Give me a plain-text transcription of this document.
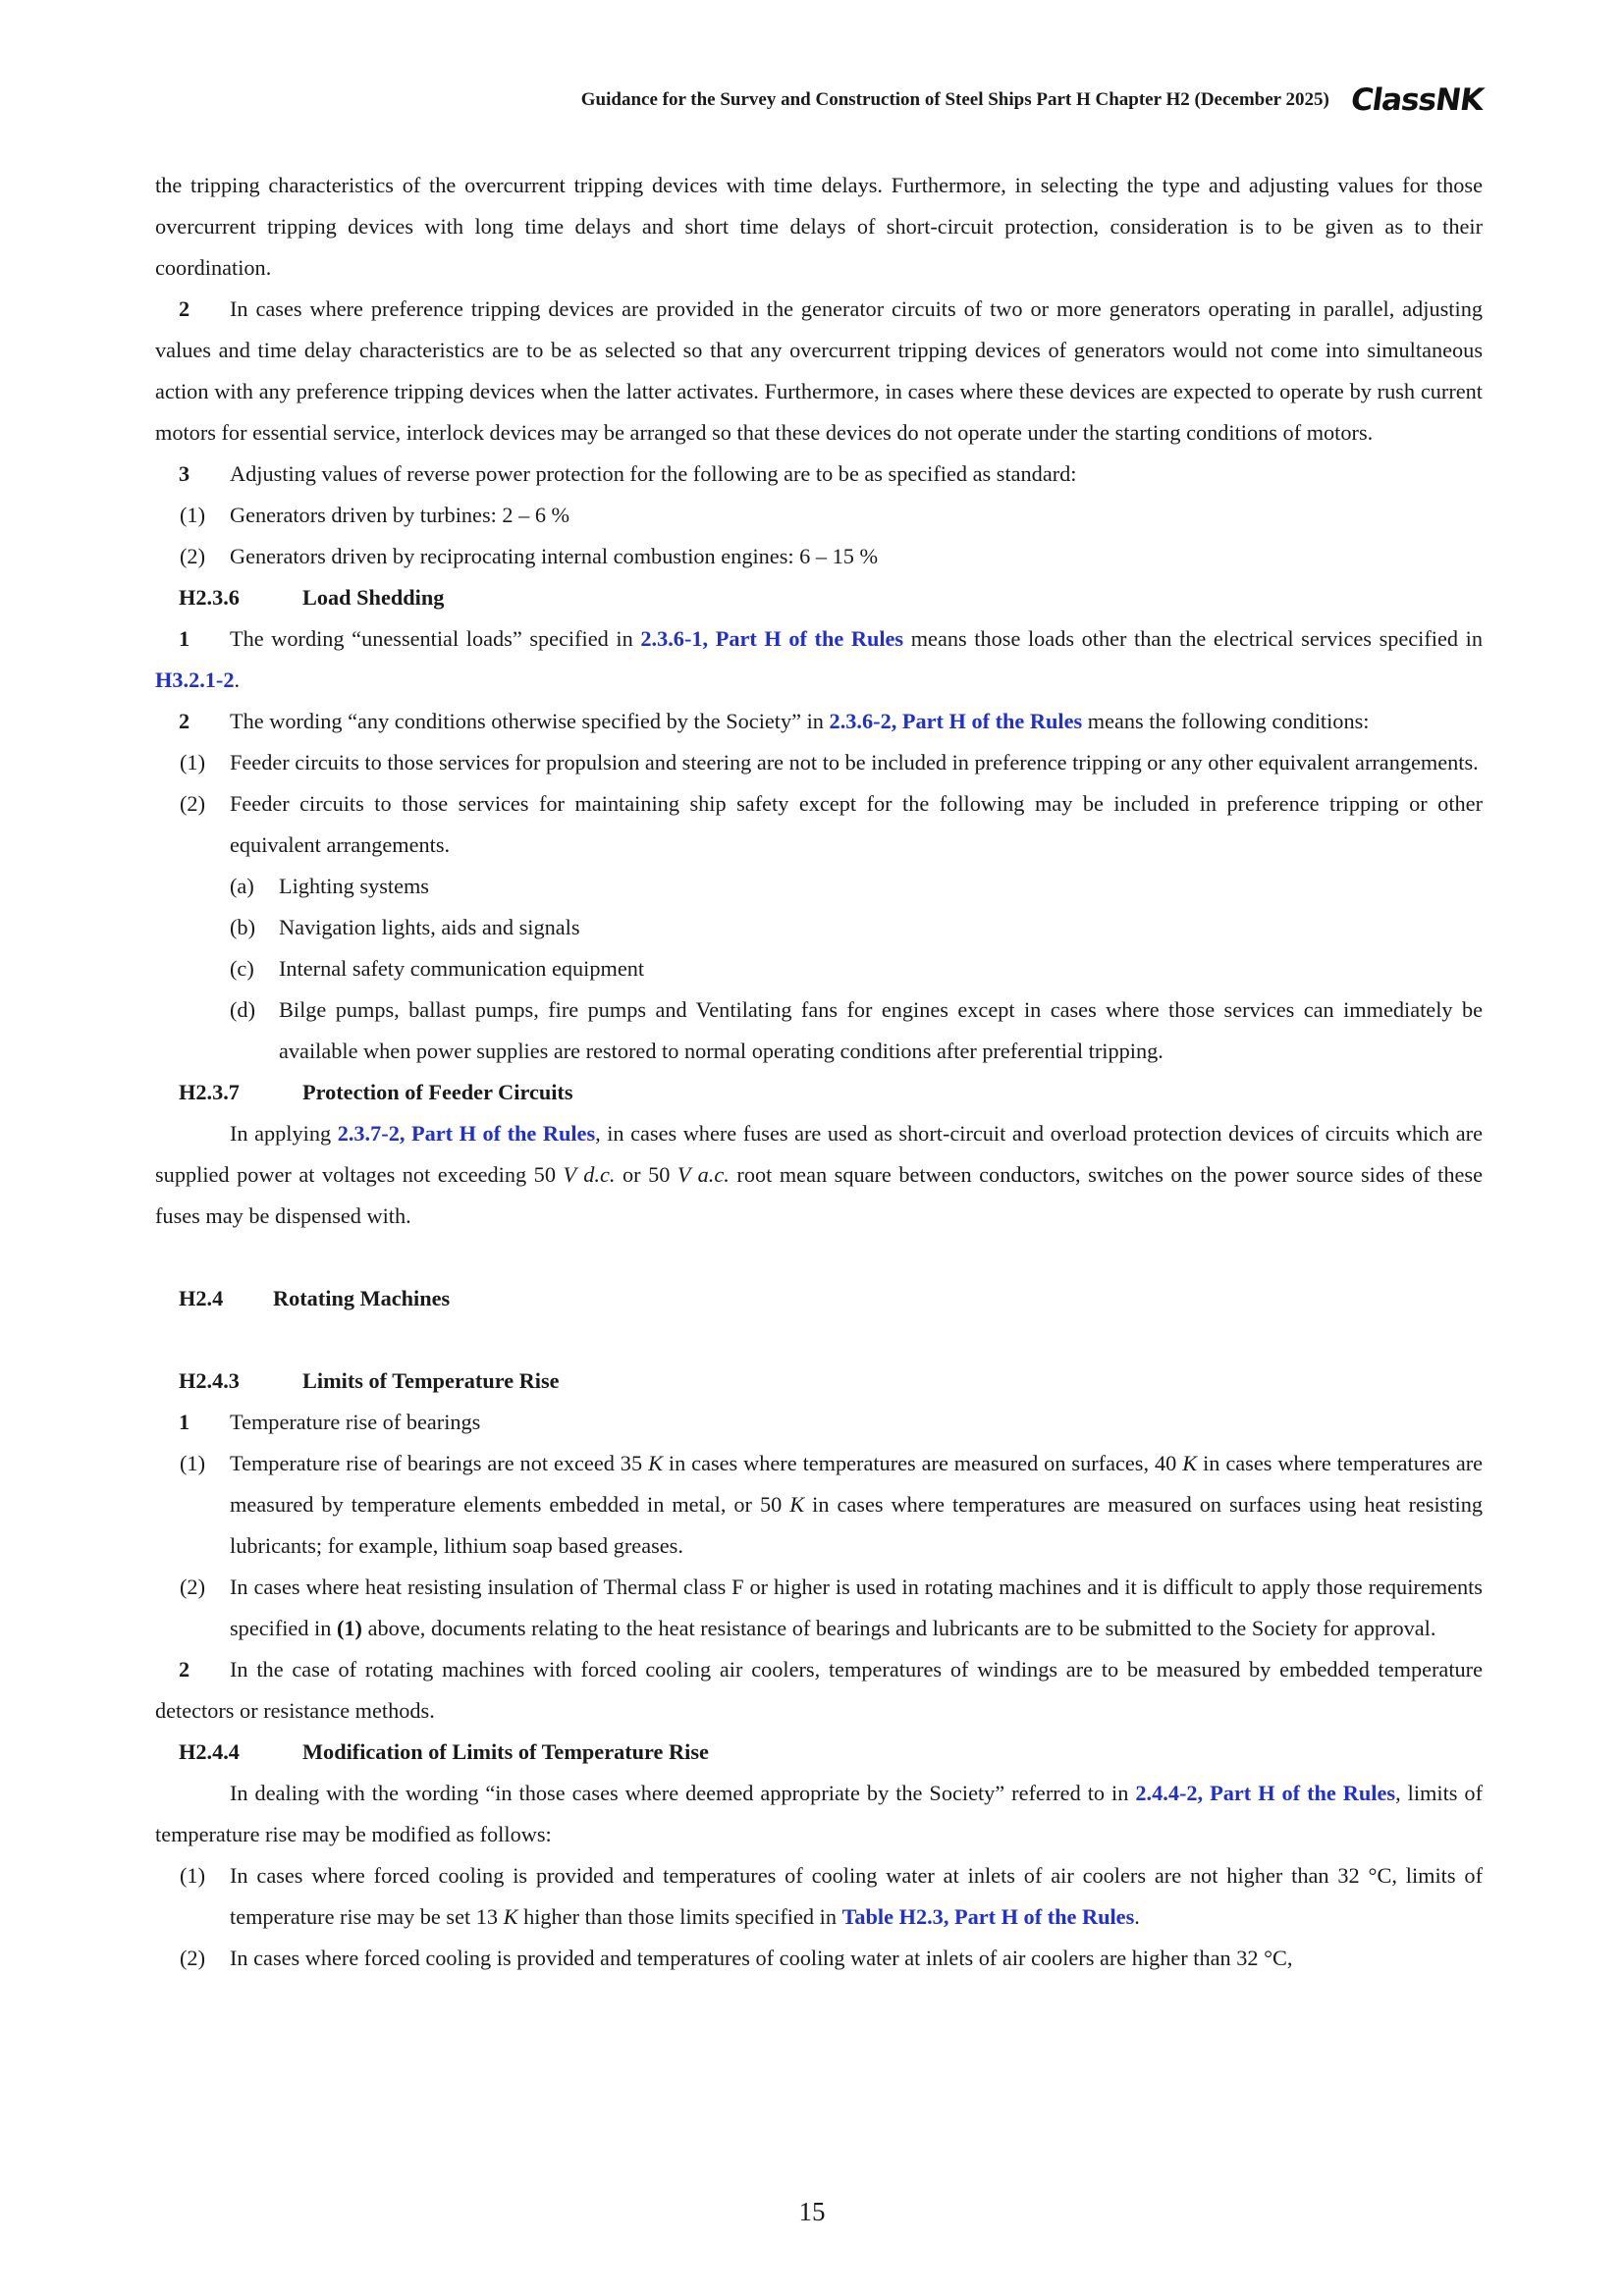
Guidance for the Survey and Construction of Steel Ships Part H Chapter H2 (December 2025) ClassNK

the tripping characteristics of the overcurrent tripping devices with time delays. Furthermore, in selecting the type and adjusting values for those overcurrent tripping devices with long time delays and short time delays of short-circuit protection, consideration is to be given as to their coordination.

2 In cases where preference tripping devices are provided in the generator circuits of two or more generators operating in parallel, adjusting values and time delay characteristics are to be as selected so that any overcurrent tripping devices of generators would not come into simultaneous action with any preference tripping devices when the latter activates. Furthermore, in cases where these devices are expected to operate by rush current motors for essential service, interlock devices may be arranged so that these devices do not operate under the starting conditions of motors.

3 Adjusting values of reverse power protection for the following are to be as specified as standard:

(1)	Generators driven by turbines: 2 – 6 %
(2)	Generators driven by reciprocating internal combustion engines: 6 – 15 %
H2.3.6	Load Shedding

1 The wording “unessential loads” specified in 2.3.6-1, Part H of the Rules means those loads other than the electrical services specified in H3.2.1-2.

2 The wording “any conditions otherwise specified by the Society” in 2.3.6-2, Part H of the Rules means the following conditions:

(1)	Feeder circuits to those services for propulsion and steering are not to be included in preference tripping or any other equivalent arrangements.
(2)	Feeder circuits to those services for maintaining ship safety except for the following may be included in preference tripping or other equivalent arrangements.
(a)	Lighting systems
(b)	Navigation lights, aids and signals
(c)	Internal safety communication equipment
(d)	Bilge pumps, ballast pumps, fire pumps and Ventilating fans for engines except in cases where those services can immediately be available when power supplies are restored to normal operating conditions after preferential tripping.
H2.3.7	Protection of Feeder Circuits

In applying 2.3.7-2, Part H of the Rules, in cases where fuses are used as short-circuit and overload protection devices of circuits which are supplied power at voltages not exceeding 50 V d.c. or 50 V a.c. root mean square between conductors, switches on the power source sides of these fuses may be dispensed with.

H2.4	Rotating Machines
H2.4.3	Limits of Temperature Rise

1 Temperature rise of bearings

(1)	Temperature rise of bearings are not exceed 35 K in cases where temperatures are measured on surfaces, 40 K in cases where temperatures are measured by temperature elements embedded in metal, or 50 K in cases where temperatures are measured on surfaces using heat resisting lubricants; for example, lithium soap based greases.
(2)	In cases where heat resisting insulation of Thermal class F or higher is used in rotating machines and it is difficult to apply those requirements specified in (1) above, documents relating to the heat resistance of bearings and lubricants are to be submitted to the Society for approval.

2 In the case of rotating machines with forced cooling air coolers, temperatures of windings are to be measured by embedded temperature detectors or resistance methods.

H2.4.4	Modification of Limits of Temperature Rise

In dealing with the wording “in those cases where deemed appropriate by the Society” referred to in 2.4.4-2, Part H of the Rules, limits of temperature rise may be modified as follows:

(1)	In cases where forced cooling is provided and temperatures of cooling water at inlets of air coolers are not higher than 32 °C, limits of temperature rise may be set 13 K higher than those limits specified in Table H2.3, Part H of the Rules.
(2)	In cases where forced cooling is provided and temperatures of cooling water at inlets of air coolers are higher than 32 °C,
15
